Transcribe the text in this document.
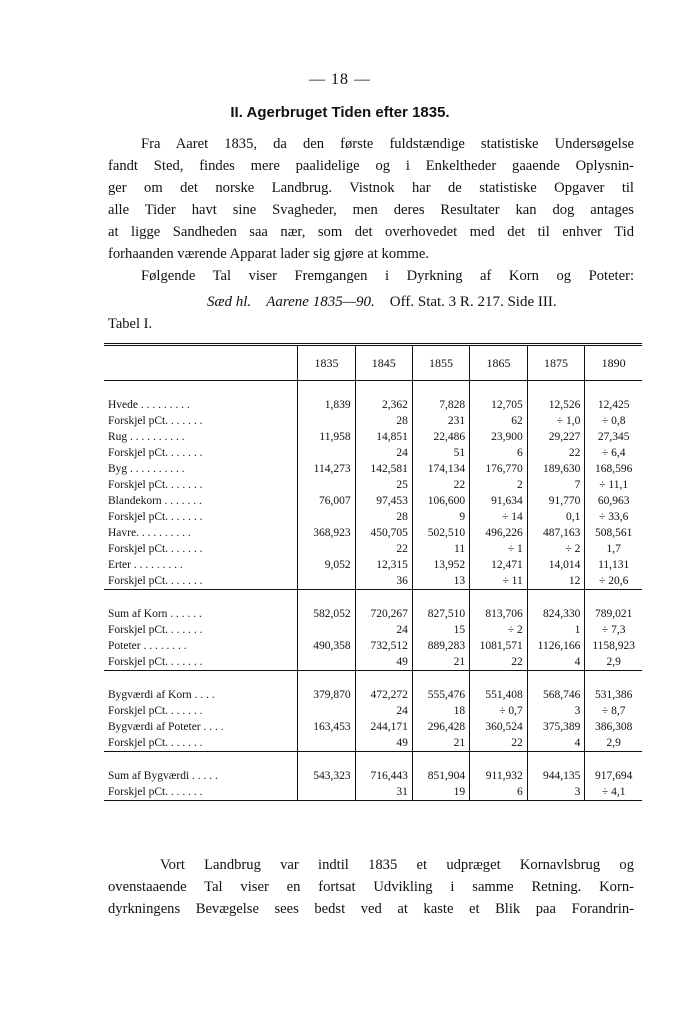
— 18 —
II. Agerbruget Tiden efter 1835.
Fra Aaret 1835, da den første fuldstændige statistiske Undersøgelse
fandt Sted, findes mere paalidelige og i Enkeltheder gaaende Oplysnin-
ger om det norske Landbrug. Vistnok har de statistiske Opgaver til
alle Tider havt sine Svagheder, men deres Resultater kan dog antages
at ligge Sandheden saa nær, som det overhovedet med det til enhver Tid
forhaanden værende Apparat lader sig gjøre at komme.
Følgende Tal viser Fremgangen i Dyrkning af Korn og Poteter:
Sæd hl. Aarene 1835—90. Off. Stat. 3 R. 217. Side III.
Tabel I.
	1835	1845	1855	1865	1875	1890

Hvede . . . . . . . . .	1,839	2,362	7,828	12,705	12,526	12,425
Forskjel pCt. . . . . . .		28	231	62	÷ 1,0	÷ 0,8
Rug . . . . . . . . . .	11,958	14,851	22,486	23,900	29,227	27,345
Forskjel pCt. . . . . . .		24	51	6	22	÷ 6,4
Byg . . . . . . . . . .	114,273	142,581	174,134	176,770	189,630	168,596
Forskjel pCt. . . . . . .		25	22	2	7	÷ 11,1
Blandekorn . . . . . . .	76,007	97,453	106,600	91,634	91,770	60,963
Forskjel pCt. . . . . . .		28	9	÷ 14	0,1	÷ 33,6
Havre. . . . . . . . . .	368,923	450,705	502,510	496,226	487,163	508,561
Forskjel pCt. . . . . . .		22	11	÷ 1	÷ 2	1,7
Erter . . . . . . . . .	9,052	12,315	13,952	12,471	14,014	11,131
Forskjel pCt. . . . . . .		36	13	÷ 11	12	÷ 20,6

Sum af Korn . . . . . .	582,052	720,267	827,510	813,706	824,330	789,021
Forskjel pCt. . . . . . .		24	15	÷ 2	1	÷ 7,3
Poteter . . . . . . . .	490,358	732,512	889,283	1081,571	1126,166	1158,923
Forskjel pCt. . . . . . .		49	21	22	4	2,9

Bygværdi af Korn . . . .	379,870	472,272	555,476	551,408	568,746	531,386
Forskjel pCt. . . . . . .		24	18	÷ 0,7	3	÷ 8,7
Bygværdi af Poteter . . . .	163,453	244,171	296,428	360,524	375,389	386,308
Forskjel pCt. . . . . . .		49	21	22	4	2,9

Sum af Bygværdi . . . . .	543,323	716,443	851,904	911,932	944,135	917,694
Forskjel pCt. . . . . . .		31	19	6	3	÷ 4,1
Vort Landbrug var indtil 1835 et udpræget Kornavlsbrug og
ovenstaaende Tal viser en fortsat Udvikling i samme Retning. Korn-
dyrkningens Bevægelse sees bedst ved at kaste et Blik paa Forandrin-
